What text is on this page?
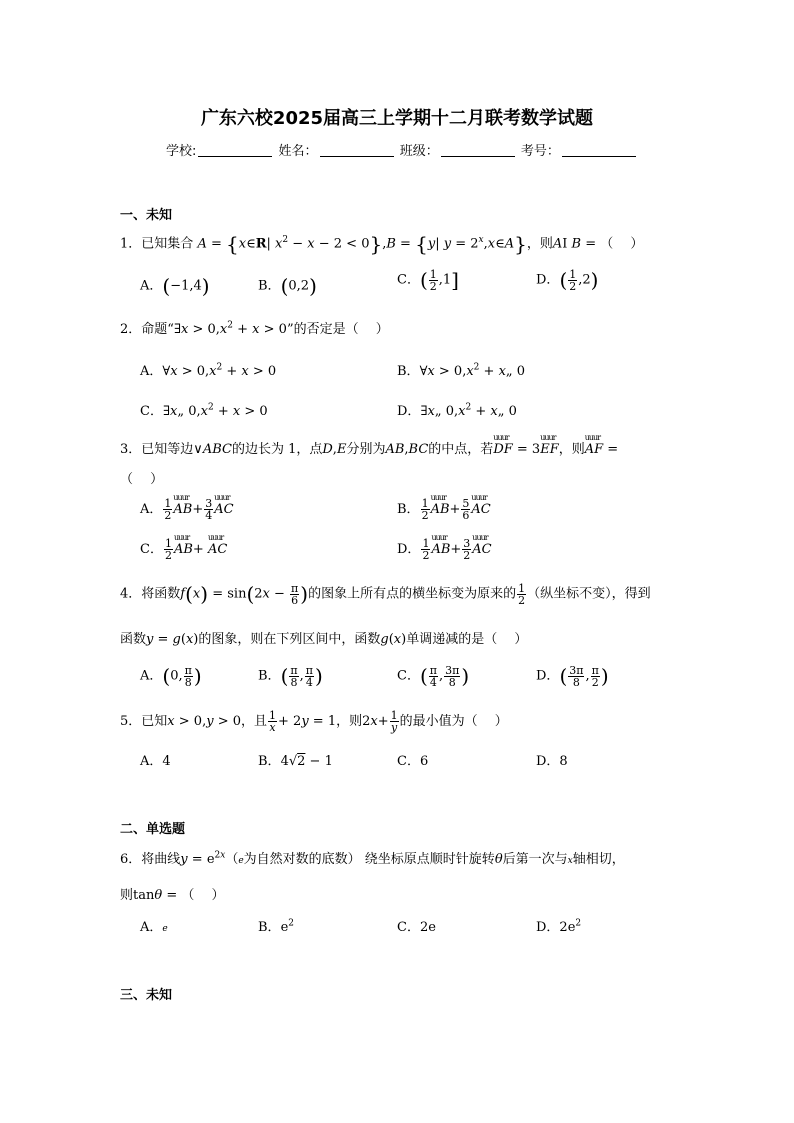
广东六校2025届高三上学期十二月联考数学试题
学校:	姓名：	班级：	考号：
一、未知
1．已知集合 A = {x∈R| $x^2 - x - 2 < 0\},B = \{y|$ $y = 2^x,x\in A$}，则AI B = （　 ）
A．(−1,4)	B．(0,2)	C．( $\frac{1}{2} ,1$]	D．( $\frac{1}{2} ,2$)
2．命题“∃x > $0,x^2 + x > 0$”的否定是（　 ）
A．∀x > $0,x^2 + x > 0$	B．∀x > $0,x^2$ + x„ 0
C．∃x„ $0,x^2 + x > 0$	D．∃x„ $0,x^2$ + x„ 0
3．已知等边∨ABC的边长为 1，点D,E分别为AB,BC的中点，若uuur DF = 3uuur EF，则uuur AF =
（　 ）
A． $\frac{1}{2}$ uuur $AB+ \frac{3}{4}$ uuur AC	B． $\frac{1}{2}$ uuur $AB+ \frac{5}{6}$ uuur AC
C． $\frac{1}{2}$ uuur AB+ uuur AC	D． $\frac{1}{2}$ uuur $AB+ \frac{3}{2}$ uuur AC
4．将函数$f(x) = \sin(2x - \frac{\pi}{6}$ )的图象上所有点的横坐标变为原来的 $\frac{1}{2}$ （纵坐标不变），得到
函数y = g(x)的图象，则在下列区间中，函数g(x)单调递减的是（　 ）
A．(0, $\frac{\pi}{8}$ )	B．( $\frac{\pi}{8}$ , $\frac{\pi}{4}$ )	C．( $\frac{\pi}{4}$ , $\frac{3\pi}{8}$ )	D．( $\frac{3\pi}{8}$ , $\frac{\pi}{2}$ )
5．已知x > 0,y > 0，且 $\frac{1}{x} + 2y = 1$，则$2x+ \frac{1}{y}$ 的最小值为（　 ）
A．4	B．4√2 − 1	C．6	D．8
二、单选题
6．将曲线$y = e^{2x}(e$为自然对数的底数） 绕坐标原点顺时针旋转θ后第一次与x轴相切，
则tanθ = （　 ）
A．e	B．$e^2$	C．2e	D．$2e^2$
三、未知
